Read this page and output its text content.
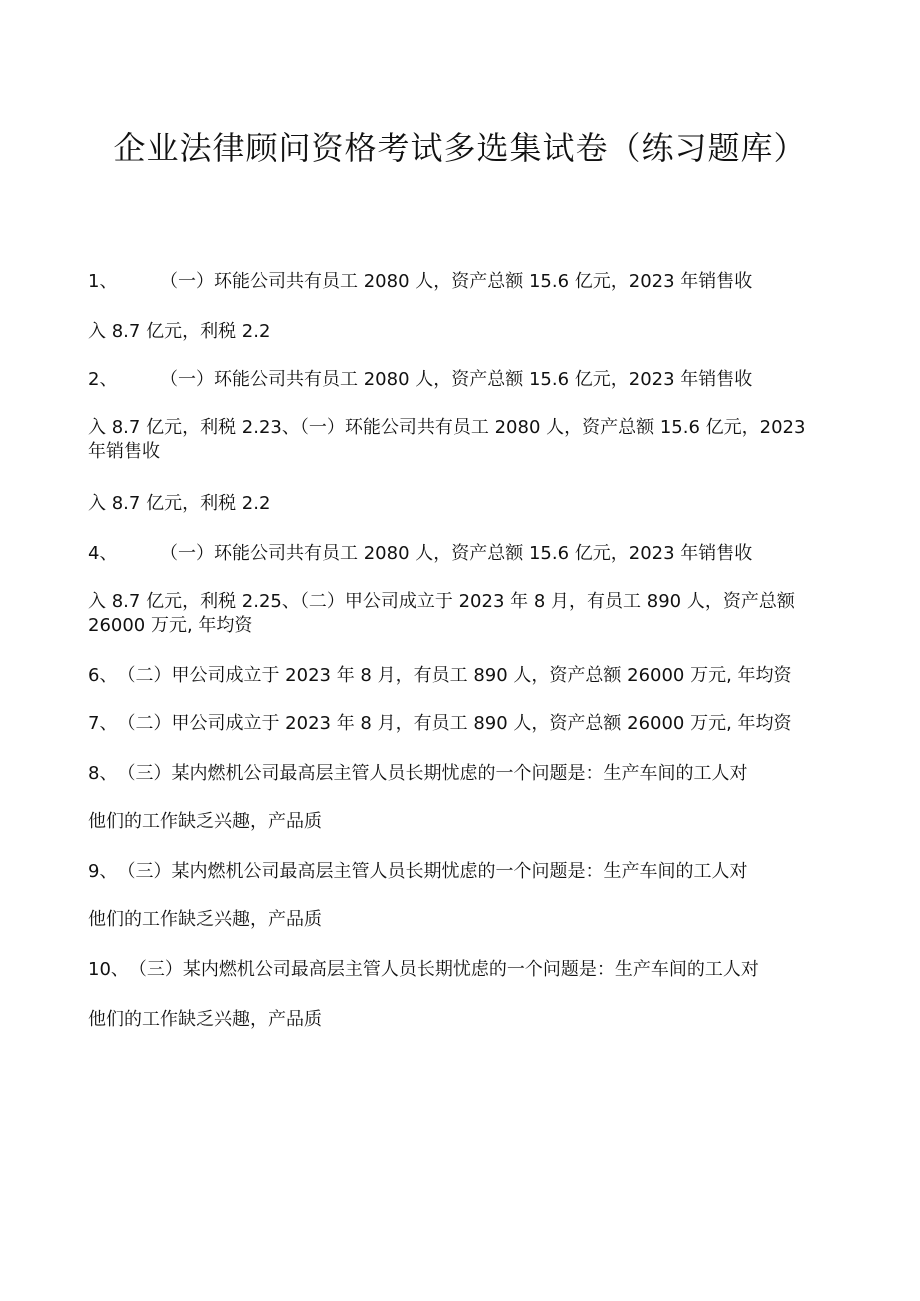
企业法律顾问资格考试多选集试卷（练习题库）
1、 （一）环能公司共有员工 2080 人，资产总额 15.6 亿元，2023 年销售收
入 8.7 亿元，利税 2.2
2、 （一）环能公司共有员工 2080 人，资产总额 15.6 亿元，2023 年销售收
入 8.7 亿元，利税 2.23、（一）环能公司共有员工 2080 人，资产总额 15.6 亿元，2023 年销售收
入 8.7 亿元，利税 2.2
4、 （一）环能公司共有员工 2080 人，资产总额 15.6 亿元，2023 年销售收
入 8.7 亿元，利税 2.25、（二）甲公司成立于 2023 年 8 月，有员工 890 人，资产总额 26000 万元, 年均资
6、（二）甲公司成立于 2023 年 8 月，有员工 890 人，资产总额 26000 万元, 年均资
7、（二）甲公司成立于 2023 年 8 月，有员工 890 人，资产总额 26000 万元, 年均资
8、（三）某内燃机公司最高层主管人员长期忧虑的一个问题是：生产车间的工人对
他们的工作缺乏兴趣，产品质
9、（三）某内燃机公司最高层主管人员长期忧虑的一个问题是：生产车间的工人对
他们的工作缺乏兴趣，产品质
10、（三）某内燃机公司最高层主管人员长期忧虑的一个问题是：生产车间的工人对
他们的工作缺乏兴趣，产品质
